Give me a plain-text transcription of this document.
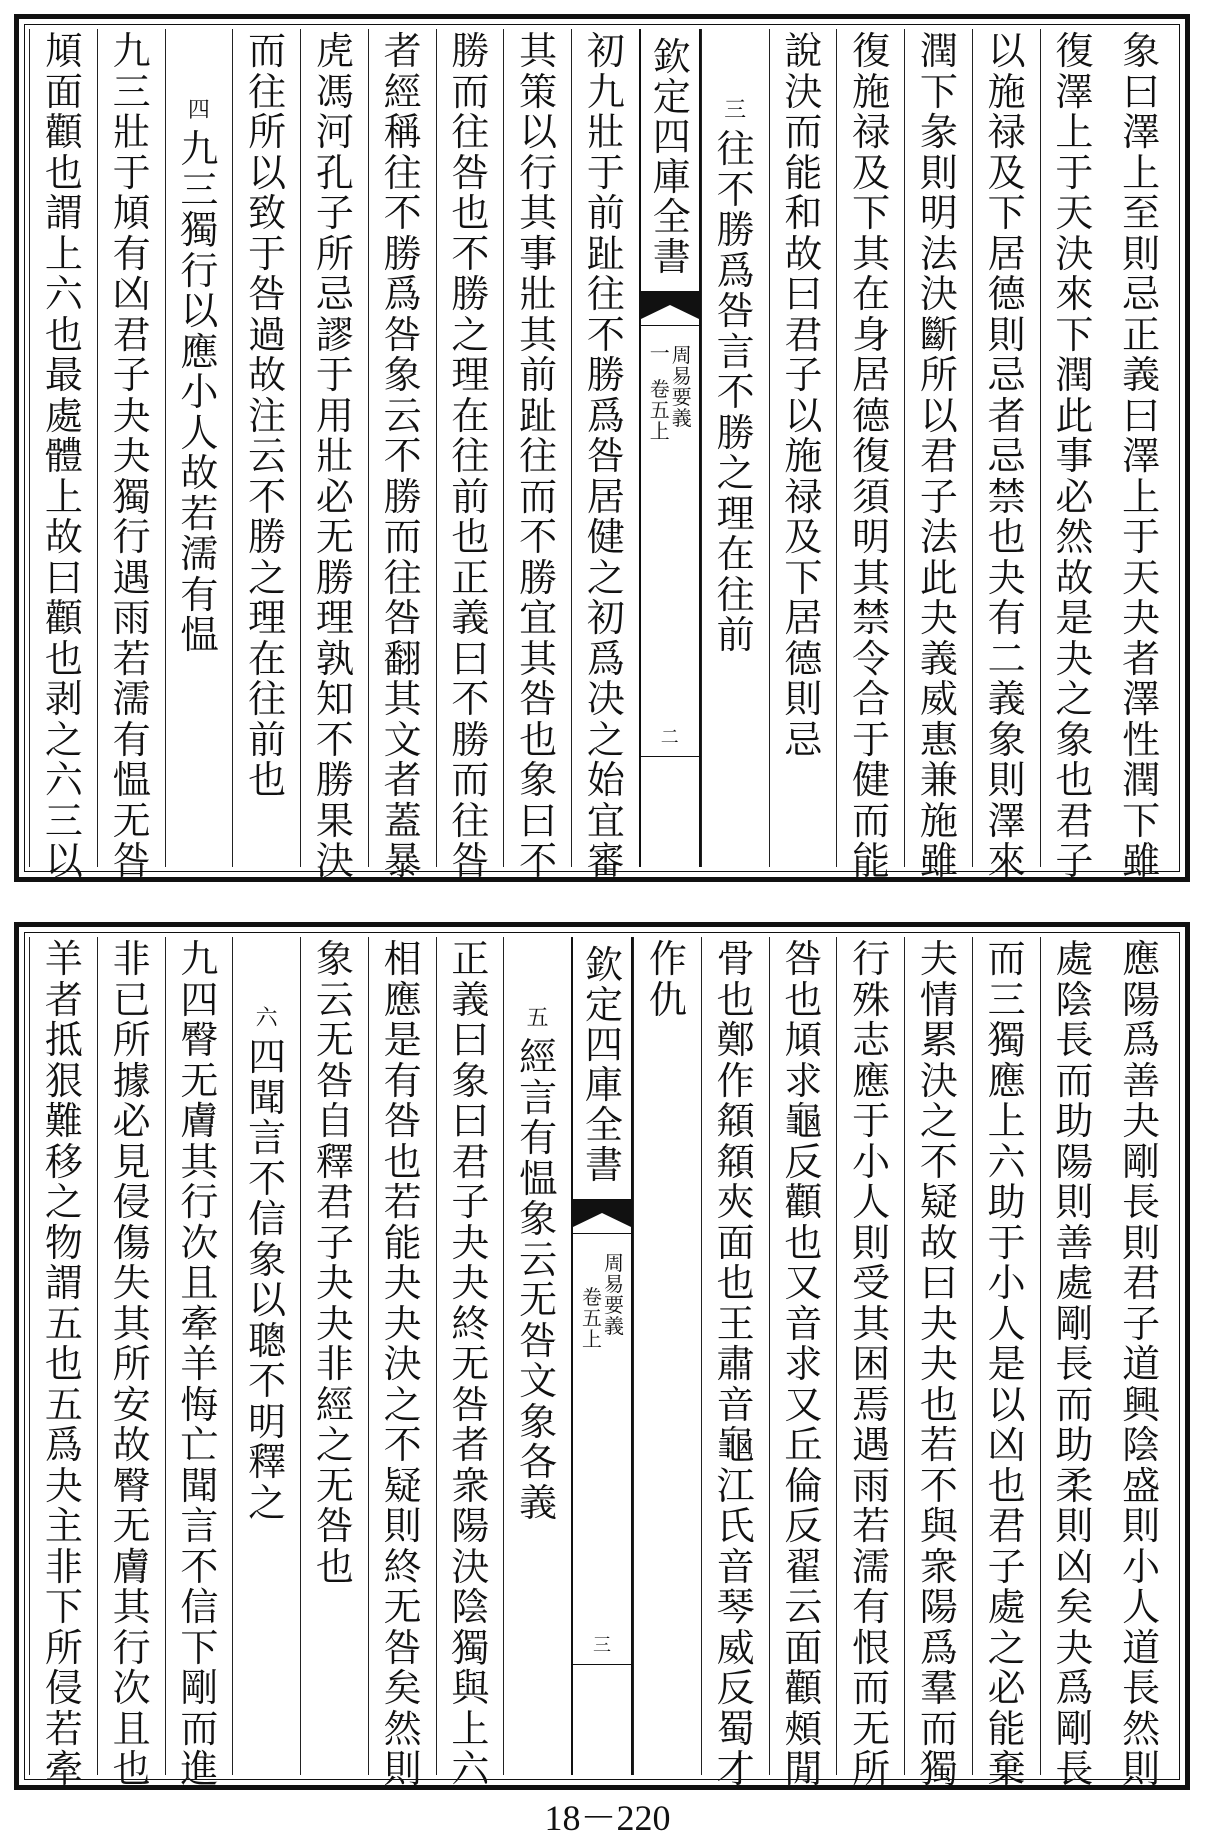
象曰澤上至則忌正義曰澤上于天夬者澤性潤下雖
復澤上于天決來下潤此事必然故是夬之象也君子
以施禄及下居德則忌者忌禁也夬有二義象則澤來
潤下彖則明法決斷所以君子法此夬義威惠兼施雖
復施禄及下其在身居德復須明其禁令合于健而能
說決而能和故曰君子以施禄及下居德則忌
三
往不勝爲咎言不勝之理在往前
欽定四庫全書
周易要義
卷五上
一
二
初九壯于前趾往不勝爲咎居健之初爲决之始宜審
其策以行其事壯其前趾往而不勝宜其咎也象曰不
勝而往咎也不勝之理在往前也正義曰不勝而往咎
者經稱往不勝爲咎象云不勝而往咎翻其文者蓋暴
虎馮河孔子所忌謬于用壯必无勝理孰知不勝果決
而往所以致于咎過故注云不勝之理在往前也
四
九三獨行以應小人故若濡有愠
九三壯于頄有凶君子夬夬獨行遇雨若濡有愠无咎
頄面顴也謂上六也最處體上故曰顴也剥之六三以
應陽爲善夬剛長則君子道興陰盛則小人道長然則
處陰長而助陽則善處剛長而助柔則凶矣夬爲剛長
而三獨應上六助于小人是以凶也君子處之必能棄
夫情累決之不疑故曰夬夬也若不與衆陽爲羣而獨
行殊志應于小人則受其困焉遇雨若濡有恨而无所
咎也頄求龜反顴也又音求又丘倫反翟云面顴頰閒
骨也鄭作頯頯夾面也王肅音龜江氏音琴威反蜀才
作仇
欽定四庫全書
周易要義
卷五上
三
五
經言有愠象云无咎文象各義
正義曰象曰君子夬夬終无咎者衆陽決陰獨與上六
相應是有咎也若能夬夬決之不疑則終无咎矣然則
象云无咎自釋君子夬夬非經之无咎也
六
四聞言不信象以聰不明釋之
九四臀无膚其行次且牽羊悔亡聞言不信下剛而進
非已所據必見侵傷失其所安故臀无膚其行次且也
羊者抵狠難移之物謂五也五爲夬主非下所侵若牽
18－220
